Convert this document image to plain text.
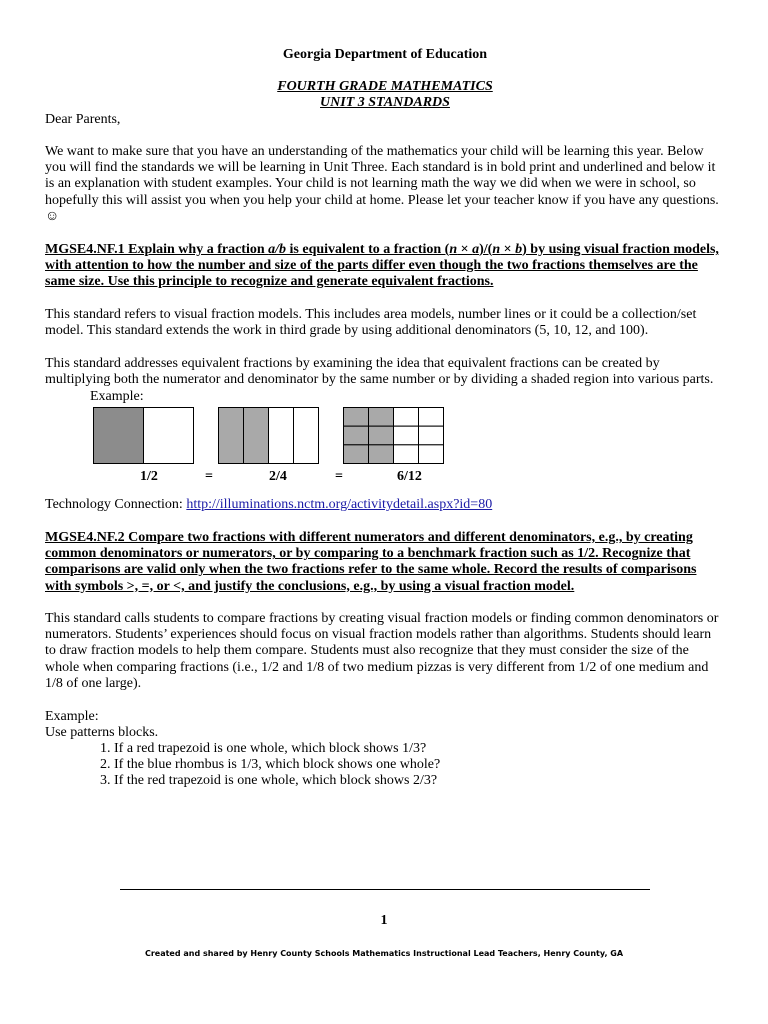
Georgia Department of Education
FOURTH GRADE MATHEMATICS
UNIT 3 STANDARDS

Dear Parents,

We want to make sure that you have an understanding of the mathematics your child will be learning this year. Below you will find the standards we will be learning in Unit Three. Each standard is in bold print and underlined and below it is an explanation with student examples. Your child is not learning math the way we did when we were in school, so hopefully this will assist you when you help your child at home. Please let your teacher know if you have any questions.
☺

MGSE4.NF.1 Explain why a fraction a/b is equivalent to a fraction (n × a)/(n × b) by using visual fraction models, with attention to how the number and size of the parts differ even though the two fractions themselves are the same size. Use this principle to recognize and generate equivalent fractions.

This standard refers to visual fraction models. This includes area models, number lines or it could be a collection/set model. This standard extends the work in third grade by using additional denominators (5, 10, 12, and 100).

This standard addresses equivalent fractions by examining the idea that equivalent fractions can be created by multiplying both the numerator and denominator by the same number or by dividing a shaded region into various parts.

Example:
1/2	=	2/4	=	6/12

Technology Connection: http://illuminations.nctm.org/activitydetail.aspx?id=80

MGSE4.NF.2 Compare two fractions with different numerators and different denominators, e.g., by creating common denominators or numerators, or by comparing to a benchmark fraction such as 1/2. Recognize that comparisons are valid only when the two fractions refer to the same whole. Record the results of comparisons with symbols >, =, or <, and justify the conclusions, e.g., by using a visual fraction model.

This standard calls students to compare fractions by creating visual fraction models or finding common denominators or numerators. Students’ experiences should focus on visual fraction models rather than algorithms. Students should learn to draw fraction models to help them compare. Students must also recognize that they must consider the size of the whole when comparing fractions (i.e., 1/2 and 1/8 of two medium pizzas is very different from 1/2 of one medium and 1/8 of one large).

Example:

Use patterns blocks.

1. If a red trapezoid is one whole, which block shows 1/3?
2. If the blue rhombus is 1/3, which block shows one whole?
3. If the red trapezoid is one whole, which block shows 2/3?
1
Created and shared by Henry County Schools Mathematics Instructional Lead Teachers, Henry County, GA
